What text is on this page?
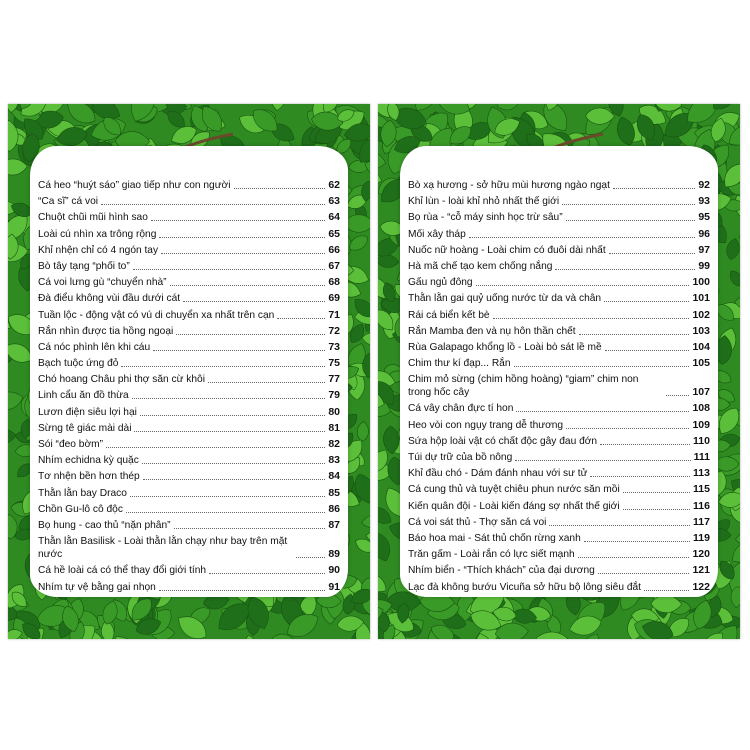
Cá heo “huýt sáo” giao tiếp như con người	62
“Ca sĩ” cá voi	63
Chuột chũi mũi hình sao	64
Loài cú nhìn xa trông rộng	65
Khỉ nhện chỉ có 4 ngón tay	66
Bò tây tạng “phối to”	67
Cá voi lưng gù “chuyển nhà”	68
Đà điểu không vùi đầu dưới cát	69
Tuần lộc - động vật có vú di chuyển xa nhất trên cạn	71
Rắn nhìn được tia hồng ngoại	72
Cá nóc phình lên khi cáu	73
Bạch tuộc ứng đỏ	75
Chó hoang Châu phi thợ săn cừ khôi	77
Linh cẩu ăn đồ thừa	79
Lươn điện siêu lợi hại	80
Sừng tê giác mài dài	81
Sói “đeo bờm”	82
Nhím echidna kỳ quặc	83
Tơ nhện bền hơn thép	84
Thằn lằn bay Draco	85
Chồn Gu-lô cô độc	86
Bọ hung - cao thủ “nặn phân”	87
Thằn lằn Basilisk - Loài thằn lằn chạy như bay trên mặt nước	89
Cá hề loài cá có thể thay đổi giới tính	90
Nhím tự vệ bằng gai nhọn	91
Bò xạ hương - sở hữu mùi hương ngào ngạt	92
Khỉ lùn - loài khỉ nhỏ nhất thế giới	93
Bọ rùa - “cỗ máy sinh học trừ sâu”	95
Mối xây tháp	96
Nuốc nữ hoàng - Loài chim có đuôi dài nhất	97
Hà mã chế tạo kem chống nắng	99
Gấu ngủ đông	100
Thằn lằn gai quỷ uống nước từ da và chân	101
Rái cá biển kết bè	102
Rắn Mamba đen và nụ hôn thần chết	103
Rùa Galapago khổng lồ - Loài bò sát lề mề	104
Chim thư kí đạp... Rắn	105
Chim mỏ sừng (chim hồng hoàng) “giam” chim non trong hốc cây	107
Cá vây chân đực tí hon	108
Heo vòi con ngụy trang dễ thương	109
Sứa hộp loài vật có chất độc gây đau đớn	110
Túi dự trữ của bồ nông	111
Khỉ đầu chó - Dám đánh nhau với sư tử	113
Cá cung thủ và tuyệt chiêu phun nước săn mồi	115
Kiến quân đội - Loài kiến đáng sợ nhất thế giới	116
Cá voi sát thủ - Thợ săn cá voi	117
Báo hoa mai - Sát thủ chốn rừng xanh	119
Trăn gấm - Loài rắn có lực siết mạnh	120
Nhím biển - “Thích khách” của đại dương	121
Lạc đà không bướu Vicuña sở hữu bộ lông siêu đắt	122
